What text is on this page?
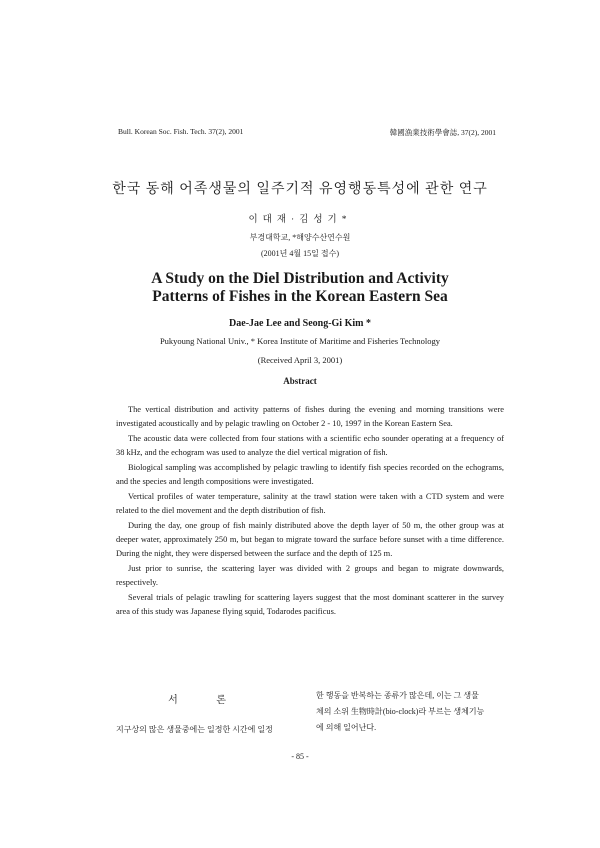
Bull. Korean Soc. Fish. Tech. 37(2), 2001	韓國漁業技術學會誌, 37(2), 2001
한국 동해 어족생물의 일주기적 유영행동특성에 관한 연구
이대재·김성기*
부경대학교, *해양수산연수원
(2001년 4월 15일 접수)
A Study on the Diel Distribution and Activity
Patterns of Fishes in the Korean Eastern Sea
Dae-Jae Lee and Seong-Gi Kim *
Pukyoung National Univ., * Korea Institute of Maritime and Fisheries Technology
(Received April 3, 2001)
Abstract

The vertical distribution and activity patterns of fishes during the evening and morning transitions were investigated acoustically and by pelagic trawling on October 2 - 10, 1997 in the Korean Eastern Sea.

The acoustic data were collected from four stations with a scientific echo sounder operating at a frequency of 38 kHz, and the echogram was used to analyze the diel vertical migration of fish.

Biological sampling was accomplished by pelagic trawling to identify fish species recorded on the echograms, and the species and length compositions were investigated.

Vertical profiles of water temperature, salinity at the trawl station were taken with a CTD system and were related to the diel movement and the depth distribution of fish.

During the day, one group of fish mainly distributed above the depth layer of 50 m, the other group was at deeper water, approximately 250 m, but began to migrate toward the surface before sunset with a time difference. During the night, they were dispersed between the surface and the depth of 125 m.

Just prior to sunrise, the scattering layer was divided with 2 groups and began to migrate downwards, respectively.

Several trials of pelagic trawling for scattering layers suggest that the most dominant scatterer in the survey area of this study was Japanese flying squid, Todarodes pacificus.

서 론

지구상의 많은 생물중에는 일정한 시간에 일정

한 행동을 반복하는 종류가 많은데, 이는 그 생물

체의 소위 生物時計(bio-clock)라 부르는 생체기능

에 의해 일어난다.

- 85 -
